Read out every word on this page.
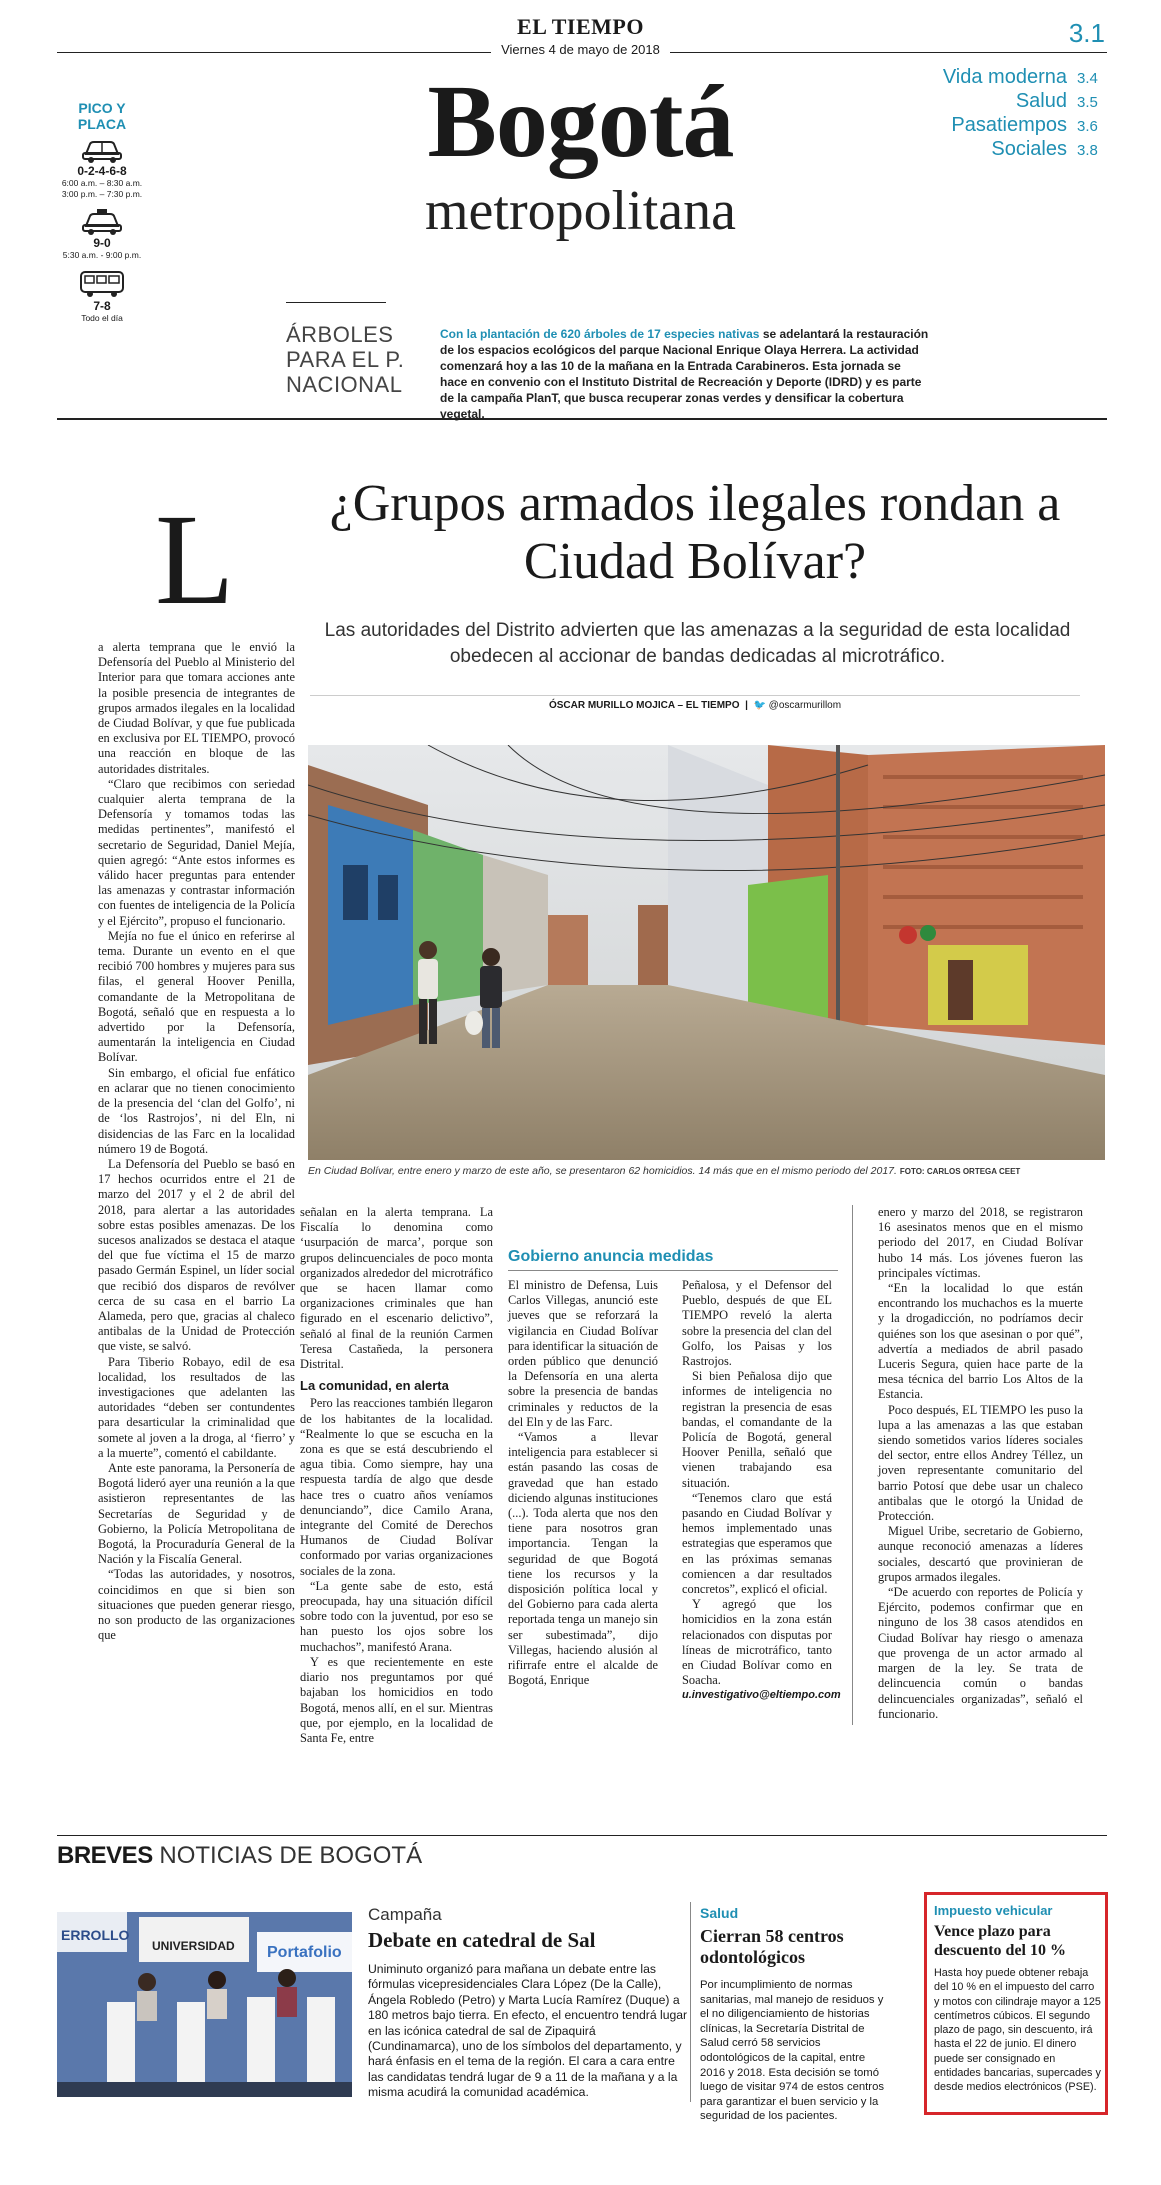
EL TIEMPO
Viernes 4 de mayo de 2018
3.1
Bogotá
metropolitana
Vida moderna 3.4
Salud 3.5
Pasatiempos 3.6
Sociales 3.8
PICO Y PLACA
0-2-4-6-8
6:00 a.m. – 8:30 a.m.
3:00 p.m. – 7:30 p.m.
9-0
5:30 a.m. - 9:00 p.m.
7-8
Todo el día
ÁRBOLES PARA EL P. NACIONAL
Con la plantación de 620 árboles de 17 especies nativas se adelantará la restauración de los espacios ecológicos del parque Nacional Enrique Olaya Herrera. La actividad comenzará hoy a las 10 de la mañana en la Entrada Carabineros. Esta jornada se hace en convenio con el Instituto Distrital de Recreación y Deporte (IDRD) y es parte de la campaña PlanT, que busca recuperar zonas verdes y densificar la cobertura vegetal.
L	¿Grupos armados ilegales rondan a Ciudad Bolívar?
Las autoridades del Distrito advierten que las amenazas a la seguridad de esta localidad obedecen al accionar de bandas dedicadas al microtráfico.
ÓSCAR MURILLO MOJICA – EL TIEMPO  |  🐦 @oscarmurillom
En Ciudad Bolívar, entre enero y marzo de este año, se presentaron 62 homicidios. 14 más que en el mismo periodo del 2017. FOTO: CARLOS ORTEGA CEET

a alerta temprana que le envió la Defensoría del Pueblo al Ministerio del Interior para que tomara acciones ante la posible presencia de integrantes de grupos armados ilegales en la localidad de Ciudad Bolívar, y que fue publicada en exclusiva por EL TIEMPO, provocó una reacción en bloque de las autoridades distritales.

“Claro que recibimos con seriedad cualquier alerta temprana de la Defensoría y tomamos todas las medidas pertinentes”, manifestó el secretario de Seguridad, Daniel Mejía, quien agregó: “Ante estos informes es válido hacer preguntas para entender las amenazas y contrastar información con fuentes de inteligencia de la Policía y el Ejército”, propuso el funcionario.

Mejía no fue el único en referirse al tema. Durante un evento en el que recibió 700 hombres y mujeres para sus filas, el general Hoover Penilla, comandante de la Metropolitana de Bogotá, señaló que en respuesta a lo advertido por la Defensoría, aumentarán la inteligencia en Ciudad Bolívar.

Sin embargo, el oficial fue enfático en aclarar que no tienen conocimiento de la presencia del ‘clan del Golfo’, ni de ‘los Rastrojos’, ni del Eln, ni disidencias de las Farc en la localidad número 19 de Bogotá.

La Defensoría del Pueblo se basó en 17 hechos ocurridos entre el 21 de marzo del 2017 y el 2 de abril del 2018, para alertar a las autoridades sobre estas posibles amenazas. De los sucesos analizados se destaca el ataque del que fue víctima el 15 de marzo pasado Germán Espinel, un líder social que recibió dos disparos de revólver cerca de su casa en el barrio La Alameda, pero que, gracias al chaleco antibalas de la Unidad de Protección que viste, se salvó.

Para Tiberio Robayo, edil de esa localidad, los resultados de las investigaciones que adelanten las autoridades “deben ser contundentes para desarticular la criminalidad que somete al joven a la droga, al ‘fierro’ y a la muerte”, comentó el cabildante.

Ante este panorama, la Personería de Bogotá lideró ayer una reunión a la que asistieron representantes de las Secretarías de Seguridad y de Gobierno, la Policía Metropolitana de Bogotá, la Procuraduría General de la Nación y la Fiscalía General.

“Todas las autoridades, y nosotros, coincidimos en que si bien son situaciones que pueden generar riesgo, no son producto de las organizaciones que

señalan en la alerta temprana. La Fiscalía lo denomina como ‘usurpación de marca’, porque son grupos delincuenciales de poco monta organizados alrededor del microtráfico que se hacen llamar como organizaciones criminales que han figurado en el escenario delictivo”, señaló al final de la reunión Carmen Teresa Castañeda, la personera Distrital.

La comunidad, en alerta

Pero las reacciones también llegaron de los habitantes de la localidad. “Realmente lo que se escucha en la zona es que se está descubriendo el agua tibia. Como siempre, hay una respuesta tardía de algo que desde hace tres o cuatro años veníamos denunciando”, dice Camilo Arana, integrante del Comité de Derechos Humanos de Ciudad Bolívar conformado por varias organizaciones sociales de la zona.

“La gente sabe de esto, está preocupada, hay una situación difícil sobre todo con la juventud, por eso se han puesto los ojos sobre los muchachos”, manifestó Arana.

Y es que recientemente en este diario nos preguntamos por qué bajaban los homicidios en todo Bogotá, menos allí, en el sur. Mientras que, por ejemplo, en la localidad de Santa Fe, entre

Gobierno anuncia medidas

El ministro de Defensa, Luis Carlos Villegas, anunció este jueves que se reforzará la vigilancia en Ciudad Bolívar para identificar la situación de orden público que denunció la Defensoría en una alerta sobre la presencia de bandas criminales y reductos de la del Eln y de las Farc.

“Vamos a llevar inteligencia para establecer si están pasando las cosas de gravedad que han estado diciendo algunas instituciones (...). Toda alerta que nos den tiene para nosotros gran importancia. Tengan la seguridad de que Bogotá tiene los recursos y la disposición política local y del Gobierno para cada alerta reportada tenga un manejo sin ser subestimada”, dijo Villegas, haciendo alusión al rifirrafe entre el alcalde de Bogotá, Enrique

Peñalosa, y el Defensor del Pueblo, después de que EL TIEMPO reveló la alerta sobre la presencia del clan del Golfo, los Paisas y los Rastrojos.

Si bien Peñalosa dijo que informes de inteligencia no registran la presencia de esas bandas, el comandante de la Policía de Bogotá, general Hoover Penilla, señaló que vienen trabajando esa situación.

“Tenemos claro que está pasando en Ciudad Bolívar y hemos implementado unas estrategias que esperamos que en las próximas semanas comiencen a dar resultados concretos”, explicó el oficial.

Y agregó que los homicidios en la zona están relacionados con disputas por líneas de microtráfico, tanto en Ciudad Bolívar como en Soacha.

u.investigativo@eltiempo.com

enero y marzo del 2018, se registraron 16 asesinatos menos que en el mismo periodo del 2017, en Ciudad Bolívar hubo 14 más. Los jóvenes fueron las principales víctimas.

“En la localidad lo que están encontrando los muchachos es la muerte y la drogadicción, no podríamos decir quiénes son los que asesinan o por qué”, advertía a mediados de abril pasado Luceris Segura, quien hace parte de la mesa técnica del barrio Los Altos de la Estancia.

Poco después, EL TIEMPO les puso la lupa a las amenazas a las que estaban siendo sometidos varios líderes sociales del sector, entre ellos Andrey Téllez, un joven representante comunitario del barrio Potosí que debe usar un chaleco antibalas que le otorgó la Unidad de Protección.

Miguel Uribe, secretario de Gobierno, aunque reconoció amenazas a líderes sociales, descartó que provinieran de grupos armados ilegales.

“De acuerdo con reportes de Policía y Ejército, podemos confirmar que en ninguno de los 38 casos atendidos en Ciudad Bolívar hay riesgo o amenaza que provenga de un actor armado al margen de la ley. Se trata de delincuencia común o bandas delincuenciales organizadas”, señaló el funcionario.

BREVES NOTICIAS DE BOGOTÁ
ERROLLO
UNIVERSIDAD Portafolio
Campaña
Debate en catedral de Sal
Uniminuto organizó para mañana un debate entre las fórmulas vicepresidenciales Clara López (De la Calle), Ángela Robledo (Petro) y Marta Lucía Ramírez (Duque) a 180 metros bajo tierra. En efecto, el encuentro tendrá lugar en las icónica catedral de sal de Zipaquirá (Cundinamarca), uno de los símbolos del departamento, y hará énfasis en el tema de la región. El cara a cara entre las candidatas tendrá lugar de 9 a 11 de la mañana y a la misma acudirá la comunidad académica.
Salud
Cierran 58 centros odontológicos
Por incumplimiento de normas sanitarias, mal manejo de residuos y el no diligenciamiento de historias clínicas, la Secretaría Distrital de Salud cerró 58 servicios odontológicos de la capital, entre 2016 y 2018. Esta decisión se tomó luego de visitar 974 de estos centros para garantizar el buen servicio y la seguridad de los pacientes.
Impuesto vehicular
Vence plazo para descuento del 10 %
Hasta hoy puede obtener rebaja del 10 % en el impuesto del carro y motos con cilindraje mayor a 125 centímetros cúbicos. El segundo plazo de pago, sin descuento, irá hasta el 22 de junio. El dinero puede ser consignado en entidades bancarias, supercades y desde medios electrónicos (PSE).
